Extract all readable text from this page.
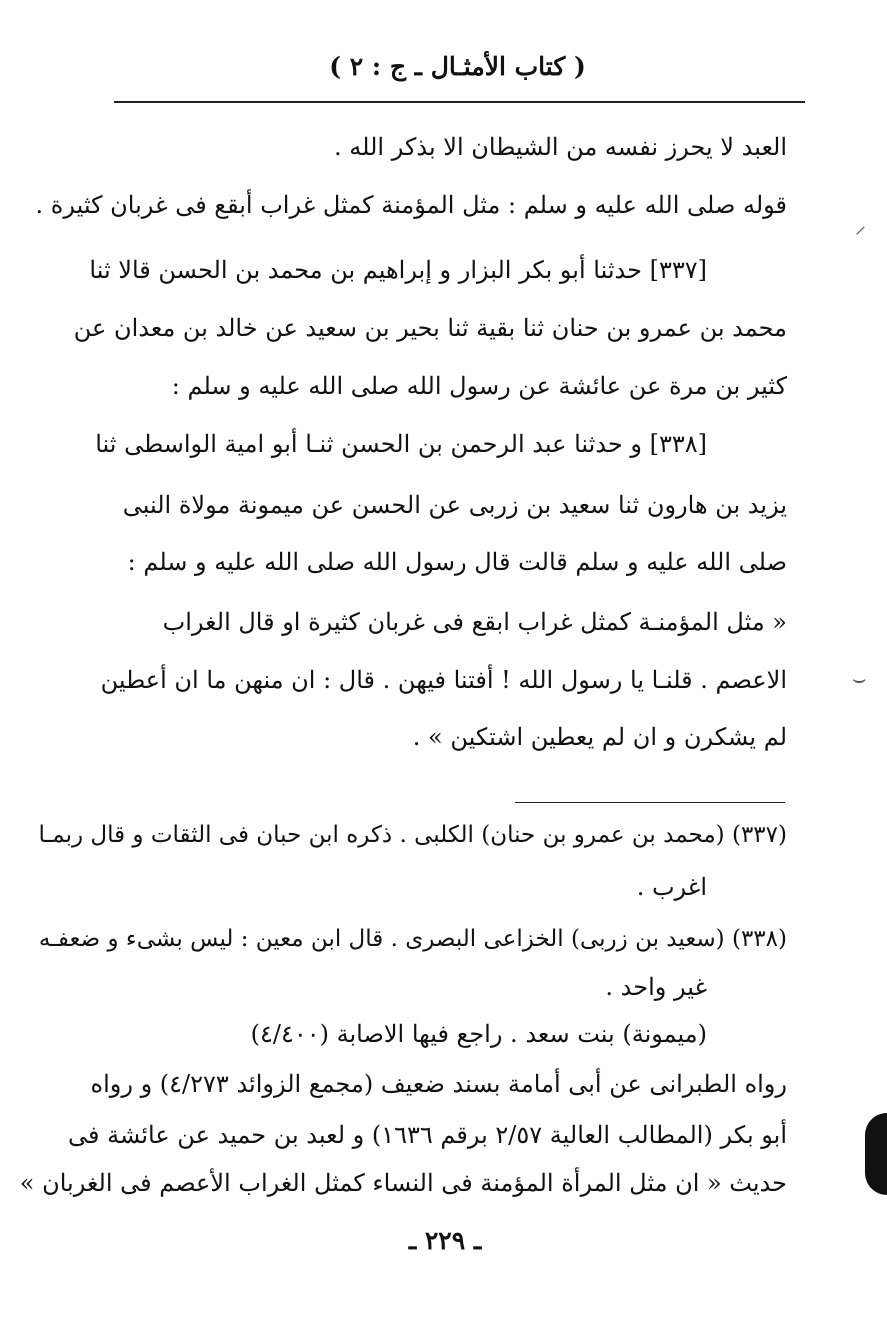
( كتاب الأمثـال ـ ج : ٢ )
العبد لا يحرز نفسه من الشيطان الا بذكر الله .
قوله صلى الله عليه و سلم : مثل المؤمنة كمثل غراب أبقع فى غربان كثيرة .
[٣٣٧] حدثنا أبو بكر البزار و إبراهيم بن محمد بن الحسن قالا ثنا
محمد بن عمرو بن حنان ثنا بقية ثنا بحير بن سعيد عن خالد بن معدان عن
كثير بن مرة عن عائشة عن رسول الله صلى الله عليه و سلم :
[٣٣٨] و حدثنا عبد الرحمن بن الحسن ثنـا أبو امية الواسطى ثنا
يزيد بن هارون ثنا سعيد بن زربى عن الحسن عن ميمونة مولاة النبى
صلى الله عليه و سلم قالت قال رسول الله صلى الله عليه و سلم :
« مثل المؤمنـة كمثل غراب ابقع فى غربان كثيرة او قال الغراب
الاعصم . قلنـا يا رسول الله ! أفتنا فيهن . قال : ان منهن ما ان أعطين
لم يشكرن و ان لم يعطين اشتكين » .
(٣٣٧) (محمد بن عمرو بن حنان) الكلبى . ذكره ابن حبان فى الثقات و قال ربمـا
اغرب .
(٣٣٨) (سعيد بن زربى) الخزاعى البصرى . قال ابن معين : ليس بشىء و ضعفـه
غير واحد .
(ميمونة) بنت سعد . راجع فيها الاصابة (٤/٤٠٠)
رواه الطبرانى عن أبى أمامة بسند ضعيف (مجمع الزوائد ٤/٢٧٣) و رواه
أبو بكر (المطالب العالية ٢/٥٧ برقم ١٦٣٦) و لعبد بن حميد عن عائشة فى
حديث « ان مثل المرأة المؤمنة فى النساء كمثل الغراب الأعصم فى الغربان »
ـ ٢٢٩ ـ
⸝
⌣
